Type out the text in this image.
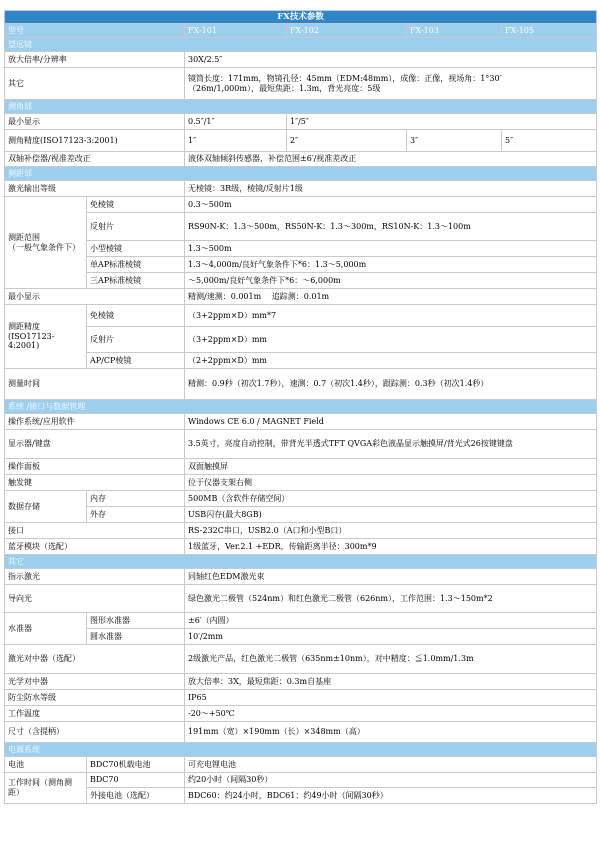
FX技术参数					
型号		FX-101	FX-102	FX-103	FX-105
望远镜					
放大倍率/分辨率		30X/2.5″			
其它		镜筒长度：171mm，物镜孔径：45mm（EDM:48mm），成像：正像，视场角：1°30′
（26m/1,000m），最短焦距：1.3m，背光亮度：5级			
测角部					
最小显示		0.5″/1″	1″/5″		
测角精度(ISO17123-3:2001)		1″	2″	3″	5″
双轴补偿器/视准差改正		液体双轴倾斜传感器，补偿范围±6′/视准差改正			
测距部					
激光输出等级		无棱镜：3R级，棱镜/反射片1级			
测距范围
（一般气象条件下）	免棱镜	0.3～500m			
	反射片	RS90N-K：1.3～500m，RS50N-K：1.3～300m，RS10N-K：1.3～100m			
	小型棱镜	1.3～500m			
	单AP标准棱镜	1.3～4,000m/良好气象条件下*6：1.3～5,000m			
	三AP标准棱镜	～5,000m/良好气象条件下*6：～6,000m			
最小显示		精测/速测：0.001m　 追踪测：0.01m			
测距精度
(ISO17123-4:2001)	免棱镜	（3+2ppm×D）mm*7			
	反射片	（3+2ppm×D）mm			
	AP/CP棱镜	（2+2ppm×D）mm			
测量时间		精测：0.9秒（初次1.7秒），速测：0.7（初次1.4秒），跟踪测：0.3秒（初次1.4秒）			
系统 /接口与数据管理					
操作系统/应用软件		Windows CE 6.0 / MAGNET Field			
显示器/键盘		3.5英寸，亮度自动控制，带背光半透式TFT QVGA彩色液晶显示触摸屏/背光式26按键键盘			
操作面板		双面触摸屏			
触发键		位于仪器支架右侧			
数据存储	内存	500MB（含软件存储空间）			
	外存	USB闪存(最大8GB)			
接口		RS-232C串口，USB2.0（A口和小型B口）			
蓝牙模块（选配）		1级蓝牙，Ver.2.1 +EDR，传输距离半径：300m*9			
其它					
指示激光		同轴红色EDM激光束			
导向光		绿色激光二极管（524nm）和红色激光二极管（626nm），工作范围：1.3～150m*2			
水准器	图形水准器	±6′（内圆）			
	圆水准器	10′/2mm			
激光对中器（选配）		2级激光产品，红色激光二极管（635nm±10nm），对中精度：≦1.0mm/1.3m			
光学对中器		放大倍率：3X，最短焦距：0.3m自基座			
防尘防水等级		IP65			
工作温度		-20～+50℃			
尺寸（含提柄）		191mm（宽）×190mm（长）×348mm（高）			
电源系统					
电池	BDC70机载电池	可充电锂电池			
工作时间（测角测距）	BDC70	约20小时（间隔30秒）			
	外接电池（选配）	BDC60：约24小时，BDC61：约49小时（间隔30秒）			
